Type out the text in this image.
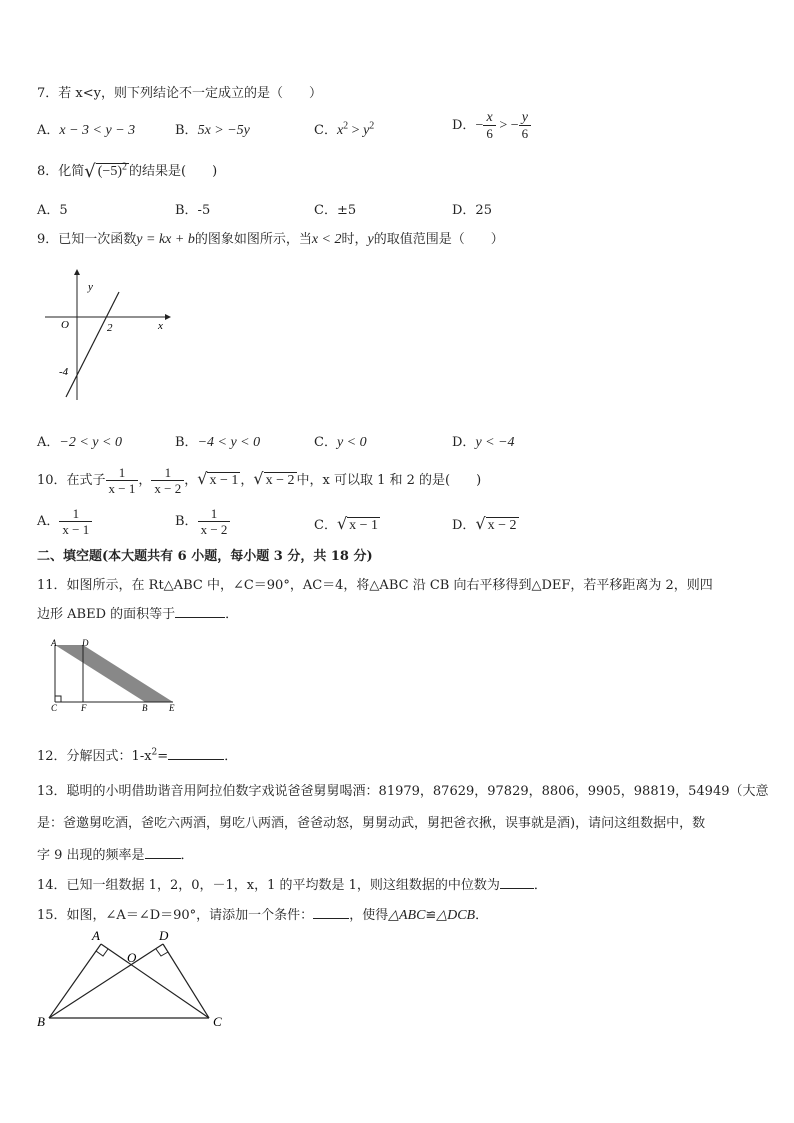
7．若 x<y，则下列结论不一定成立的是（　　）
A．x − 3 < y − 3	B．5x > −5y	C．$x^2 > y^2$	D．− $\frac{x}{6}$ > − $\frac{y}{6}$
8．化简√ $(-5)^2$ 的结果是(　　)
A．5	B．-5	C．±5	D．25
9．已知一次函数y = kx + b的图象如图所示，当x < 2时，y的取值范围是（　　）
y
x
O	2
-4
A．−2 < y < 0	B．−4 < y < 0	C．y < 0	D．y < −4
10．在式子 $\frac{1}{x - 1}$ ， $\frac{1}{x - 2}$ ，√ x − 1 ，√ x − 2 中，x 可以取 1 和 2 的是(　　)
A． $\frac{1}{x - 1}$	B． $\frac{1}{x - 2}$	C．√ x − 1	D．√ x − 2
二、填空题(本大题共有 6 小题，每小题 3 分，共 18 分)
11．如图所示，在 Rt△ABC 中，∠C＝90°，AC＝4，将△ABC 沿 CB 向右平移得到△DEF，若平移距离为 2，则四
边形 ABED 的面积等于	．
A	D
C	F	B E
12．分解因式：$1-x^2=$	．
13．聪明的小明借助谐音用阿拉伯数字戏说爸爸舅舅喝酒：81979，87629，97829，8806，9905，98819，54949（大意
是：爸邀舅吃酒，爸吃六两酒，舅吃八两酒，爸爸动怒，舅舅动武，舅把爸衣揪，误事就是酒)，请问这组数据中，数
字 9 出现的频率是	．
14．已知一组数据 1，2，0，－1，x，1 的平均数是 1，则这组数据的中位数为	．
15．如图，∠A＝∠D＝90°，请添加一个条件：	，使得△ABC≌△DCB．
A	D
O
B	C
